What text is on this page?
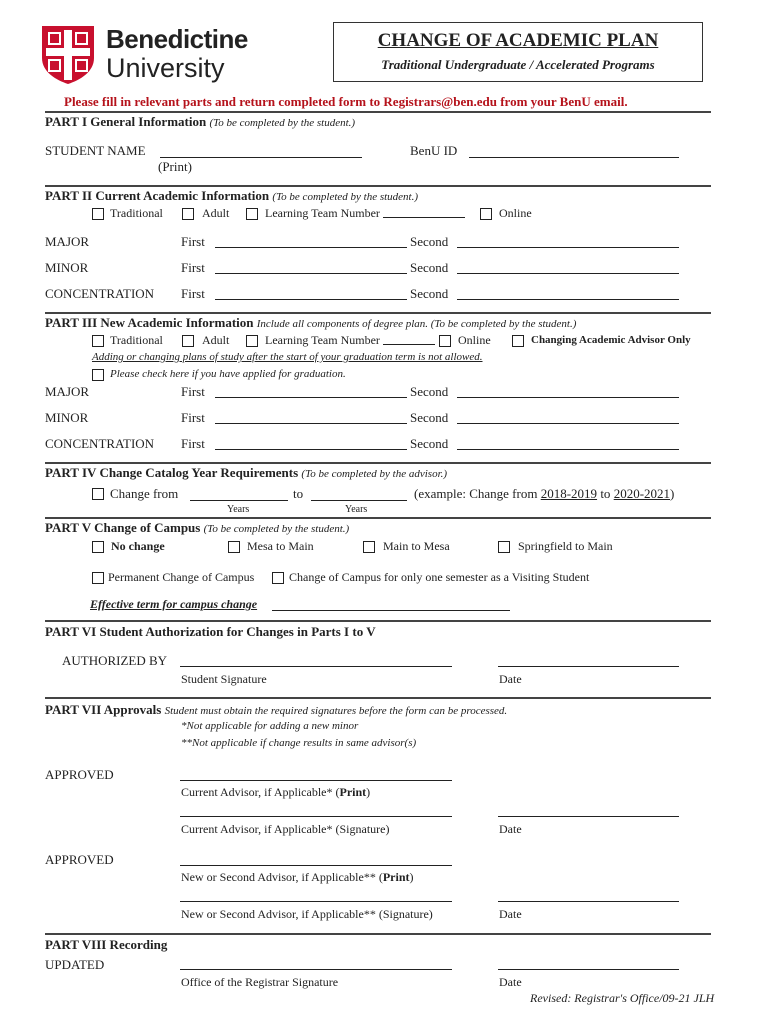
Benedictine
University
CHANGE OF ACADEMIC PLAN
Traditional Undergraduate / Accelerated Programs
Please fill in relevant parts and return completed form to Registrars@ben.edu from your BenU email.
PART I General Information (To be completed by the student.)
STUDENT NAME
(Print)
BenU ID
PART II Current Academic Information (To be completed by the student.)
Traditional	Adult	Learning Team Number	Online
MAJOR	First	Second
MINOR	First	Second
CONCENTRATION First	Second
PART III New Academic Information Include all components of degree plan. (To be completed by the student.)
Traditional	Adult	Learning Team Number	Online	Changing Academic Advisor Only
Adding or changing plans of study after the start of your graduation term is not allowed.
Please check here if you have applied for graduation.
MAJOR	First	Second
MINOR	First	Second
CONCENTRATION First	Second
PART IV Change Catalog Year Requirements (To be completed by the advisor.)
Change from	to	(example: Change from 2018-2019 to 2020-2021)
Years	Years
PART V Change of Campus (To be completed by the student.)
No change	Mesa to Main	Main to Mesa	Springfield to Main
Permanent Change of Campus	Change of Campus for only one semester as a Visiting Student
Effective term for campus change
PART VI Student Authorization for Changes in Parts I to V
AUTHORIZED BY
Student Signature	Date
PART VII Approvals Student must obtain the required signatures before the form can be processed.
*Not applicable for adding a new minor
**Not applicable if change results in same advisor(s)
APPROVED
Current Advisor, if Applicable* (Print)
Current Advisor, if Applicable* (Signature)	Date
APPROVED
New or Second Advisor, if Applicable** (Print)
New or Second Advisor, if Applicable** (Signature)	Date
PART VIII Recording
UPDATED
Office of the Registrar Signature	Date
Revised: Registrar's Office/09-21 JLH
